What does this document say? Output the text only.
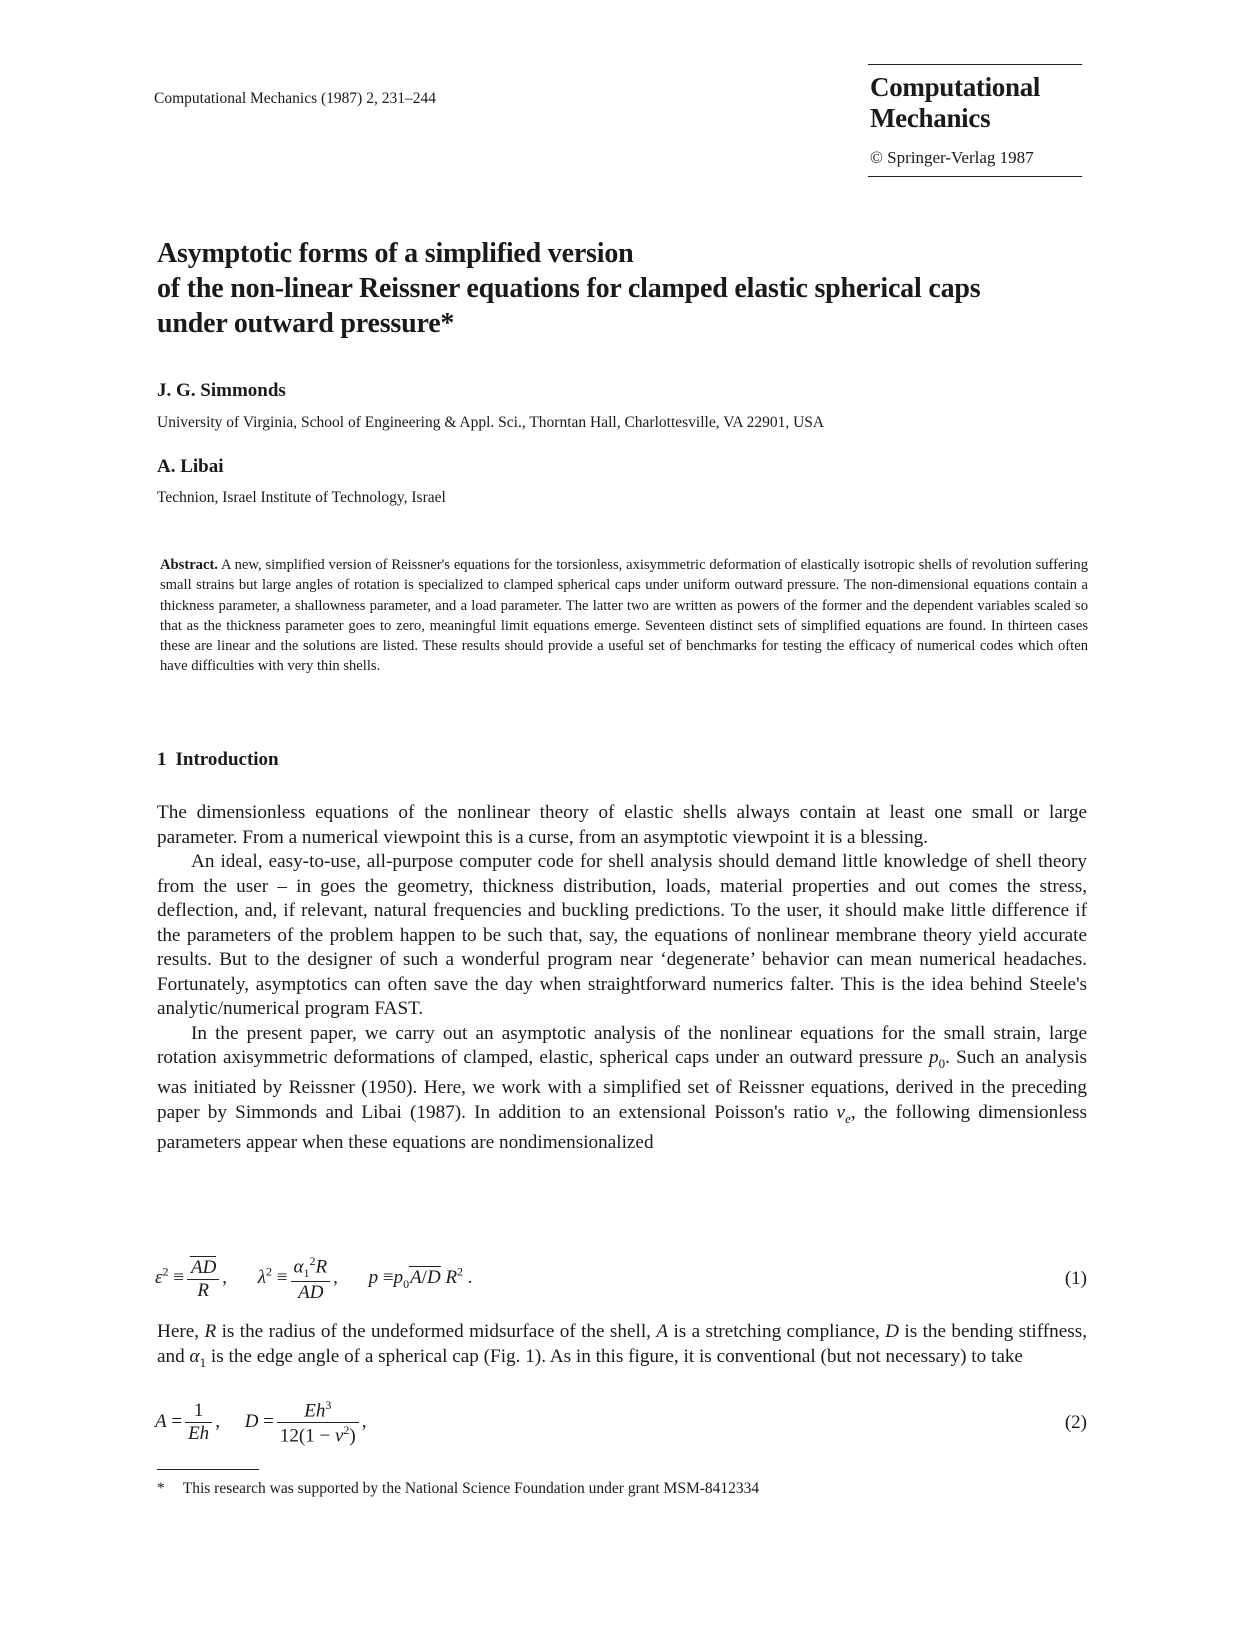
Computational Mechanics (1987) 2, 231–244	Computational
Mechanics
© Springer-Verlag 1987
Asymptotic forms of a simplified version
of the non-linear Reissner equations for clamped elastic spherical caps
under outward pressure*
J. G. Simmonds
University of Virginia, School of Engineering & Appl. Sci., Thorntan Hall, Charlottesville, VA 22901, USA
A. Libai
Technion, Israel Institute of Technology, Israel
Abstract. A new, simplified version of Reissner's equations for the torsionless, axisymmetric deformation of elastically isotropic shells of revolution suffering small strains but large angles of rotation is specialized to clamped spherical caps under uniform outward pressure. The non-dimensional equations contain a thickness parameter, a shallowness parameter, and a load parameter. The latter two are written as powers of the former and the dependent variables scaled so that as the thickness parameter goes to zero, meaningful limit equations emerge. Seventeen distinct sets of simplified equations are found. In thirteen cases these are linear and the solutions are listed. These results should provide a useful set of benchmarks for testing the efficacy of numerical codes which often have difficulties with very thin shells.
1 Introduction

The dimensionless equations of the nonlinear theory of elastic shells always contain at least one small or large parameter. From a numerical viewpoint this is a curse, from an asymptotic viewpoint it is a blessing.

An ideal, easy-to-use, all-purpose computer code for shell analysis should demand little knowledge of shell theory from the user – in goes the geometry, thickness distribution, loads, material properties and out comes the stress, deflection, and, if relevant, natural frequencies and buckling predictions. To the user, it should make little difference if the parameters of the problem happen to be such that, say, the equations of nonlinear membrane theory yield accurate results. But to the designer of such a wonderful program near ‘degenerate’ behavior can mean numerical headaches. Fortunately, asymptotics can often save the day when straightforward numerics falter. This is the idea behind Steele's analytic/numerical program FAST.

In the present paper, we carry out an asymptotic analysis of the nonlinear equations for the small strain, large rotation axisymmetric deformations of clamped, elastic, spherical caps under an outward pressure $p_0$. Such an analysis was initiated by Reissner (1950). Here, we work with a simplified set of Reissner equations, derived in the preceding paper by Simmonds and Libai (1987). In addition to an extensional Poisson's ratio $\nu_e$, the following dimensionless parameters appear when these equations are nondimensionalized

$\varepsilon^2 \equiv \frac{AD}{R}$ , $\lambda^2 \equiv \frac{\alpha_1^2R}{AD}$ , $p \equiv p_0A/D$ $R^2$ .	(1)

Here, R is the radius of the undeformed midsurface of the shell, A is a stretching compliance, D is the bending stiffness, and $\alpha_1$ is the edge angle of a spherical cap (Fig. 1). As in this figure, it is conventional (but not necessary) to take

$A = \frac{1}{Eh}$ , $D = \frac{Eh^3}{12(1 - \nu^2)}$ ,	(2)
* This research was supported by the National Science Foundation under grant MSM-8412334
